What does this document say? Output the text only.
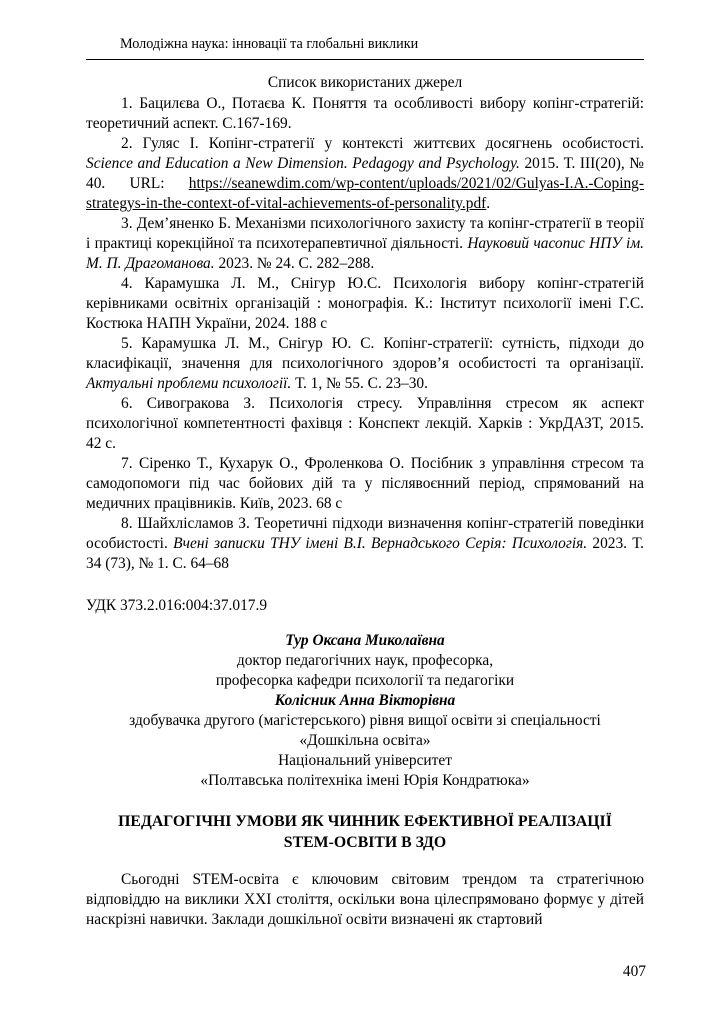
Молодіжна наука: інновації та глобальні виклики
Список використаних джерел

1. Бацилєва О., Потаєва К. Поняття та особливості вибору копінг-стратегій: теоретичний аспект. С.167-169.

2. Гуляс І. Копінг-стратегії у контексті життєвих досягнень особистості. Science and Education a New Dimension. Pedagogy and Psychology. 2015. Т. ІІІ(20), № 40. URL: https://seanewdim.com/wp-content/uploads/2021/02/Gulyas-I.A.-Coping-strategys-in-the-context-of-vital-achievements-of-personality.pdf.

3. Дем’яненко Б. Механізми психологічного захисту та копінг-стратегії в теорії і практиці корекційної та психотерапевтичної діяльності. Науковий часопис НПУ ім. М. П. Драгоманова. 2023. № 24. С. 282–288.

4. Карамушка Л. М., Снігур Ю.С. Психологія вибору копінг-стратегій керівниками освітніх організацій : монографія. К.: Інститут психології імені Г.С. Костюка НАПН України, 2024. 188 с

5. Карамушка Л. М., Снігур Ю. С. Копінг-стратегії: сутність, підходи до класифікації, значення для психологічного здоров’я особистості та організації. Актуальні проблеми психології. Т. 1, № 55. С. 23–30.

6. Сивогракова З. Психологія стресу. Управління стресом як аспект психологічної компетентності фахівця : Конспект лекцій. Харків : УкрДАЗТ, 2015. 42 с.

7. Сіренко Т., Кухарук О., Фроленкова О. Посібник з управління стресом та самодопомоги під час бойових дій та у післявоєнний період, спрямований на медичних працівників. Київ, 2023. 68 с

8. Шайхлісламов З. Теоретичні підходи визначення копінг-стратегій поведінки особистості. Вчені записки ТНУ імені В.І. Вернадського Серія: Психологія. 2023. Т. 34 (73), № 1. С. 64–68

УДК 373.2.016:004:37.017.9

Тур Оксана Миколаївна
доктор педагогічних наук, професорка,
професорка кафедри психології та педагогіки
Колісник Анна Вікторівна
здобувачка другого (магістерського) рівня вищої освіти зі спеціальності
«Дошкільна освіта»
Національний університет
«Полтавська політехніка імені Юрія Кондратюка»
ПЕДАГОГІЧНІ УМОВИ ЯК ЧИННИК ЕФЕКТИВНОЇ РЕАЛІЗАЦІЇ STEM-ОСВІТИ В ЗДО

Сьогодні STEM-освіта є ключовим світовим трендом та стратегічною відповіддю на виклики ХХІ століття, оскільки вона цілеспрямовано формує у дітей наскрізні навички. Заклади дошкільної освіти визначені як стартовий

407
